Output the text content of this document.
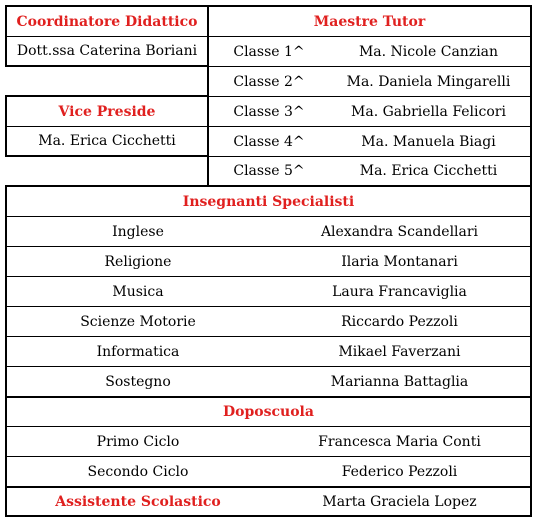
Coordinatore Didattico
Dott.ssa Caterina Boriani
Vice Preside
Ma. Erica Cicchetti
Maestre Tutor
Classe 1^	Ma. Nicole Canzian
Classe 2^	Ma. Daniela Mingarelli
Classe 3^	Ma. Gabriella Felicori
Classe 4^	Ma. Manuela Biagi
Classe 5^	Ma. Erica Cicchetti
Insegnanti Specialisti
Inglese	Alexandra Scandellari
Religione	Ilaria Montanari
Musica	Laura Francaviglia
Scienze Motorie	Riccardo Pezzoli
Informatica	Mikael Faverzani
Sostegno	Marianna Battaglia
Doposcuola
Primo Ciclo	Francesca Maria Conti
Secondo Ciclo	Federico Pezzoli
Assistente Scolastico	Marta Graciela Lopez
